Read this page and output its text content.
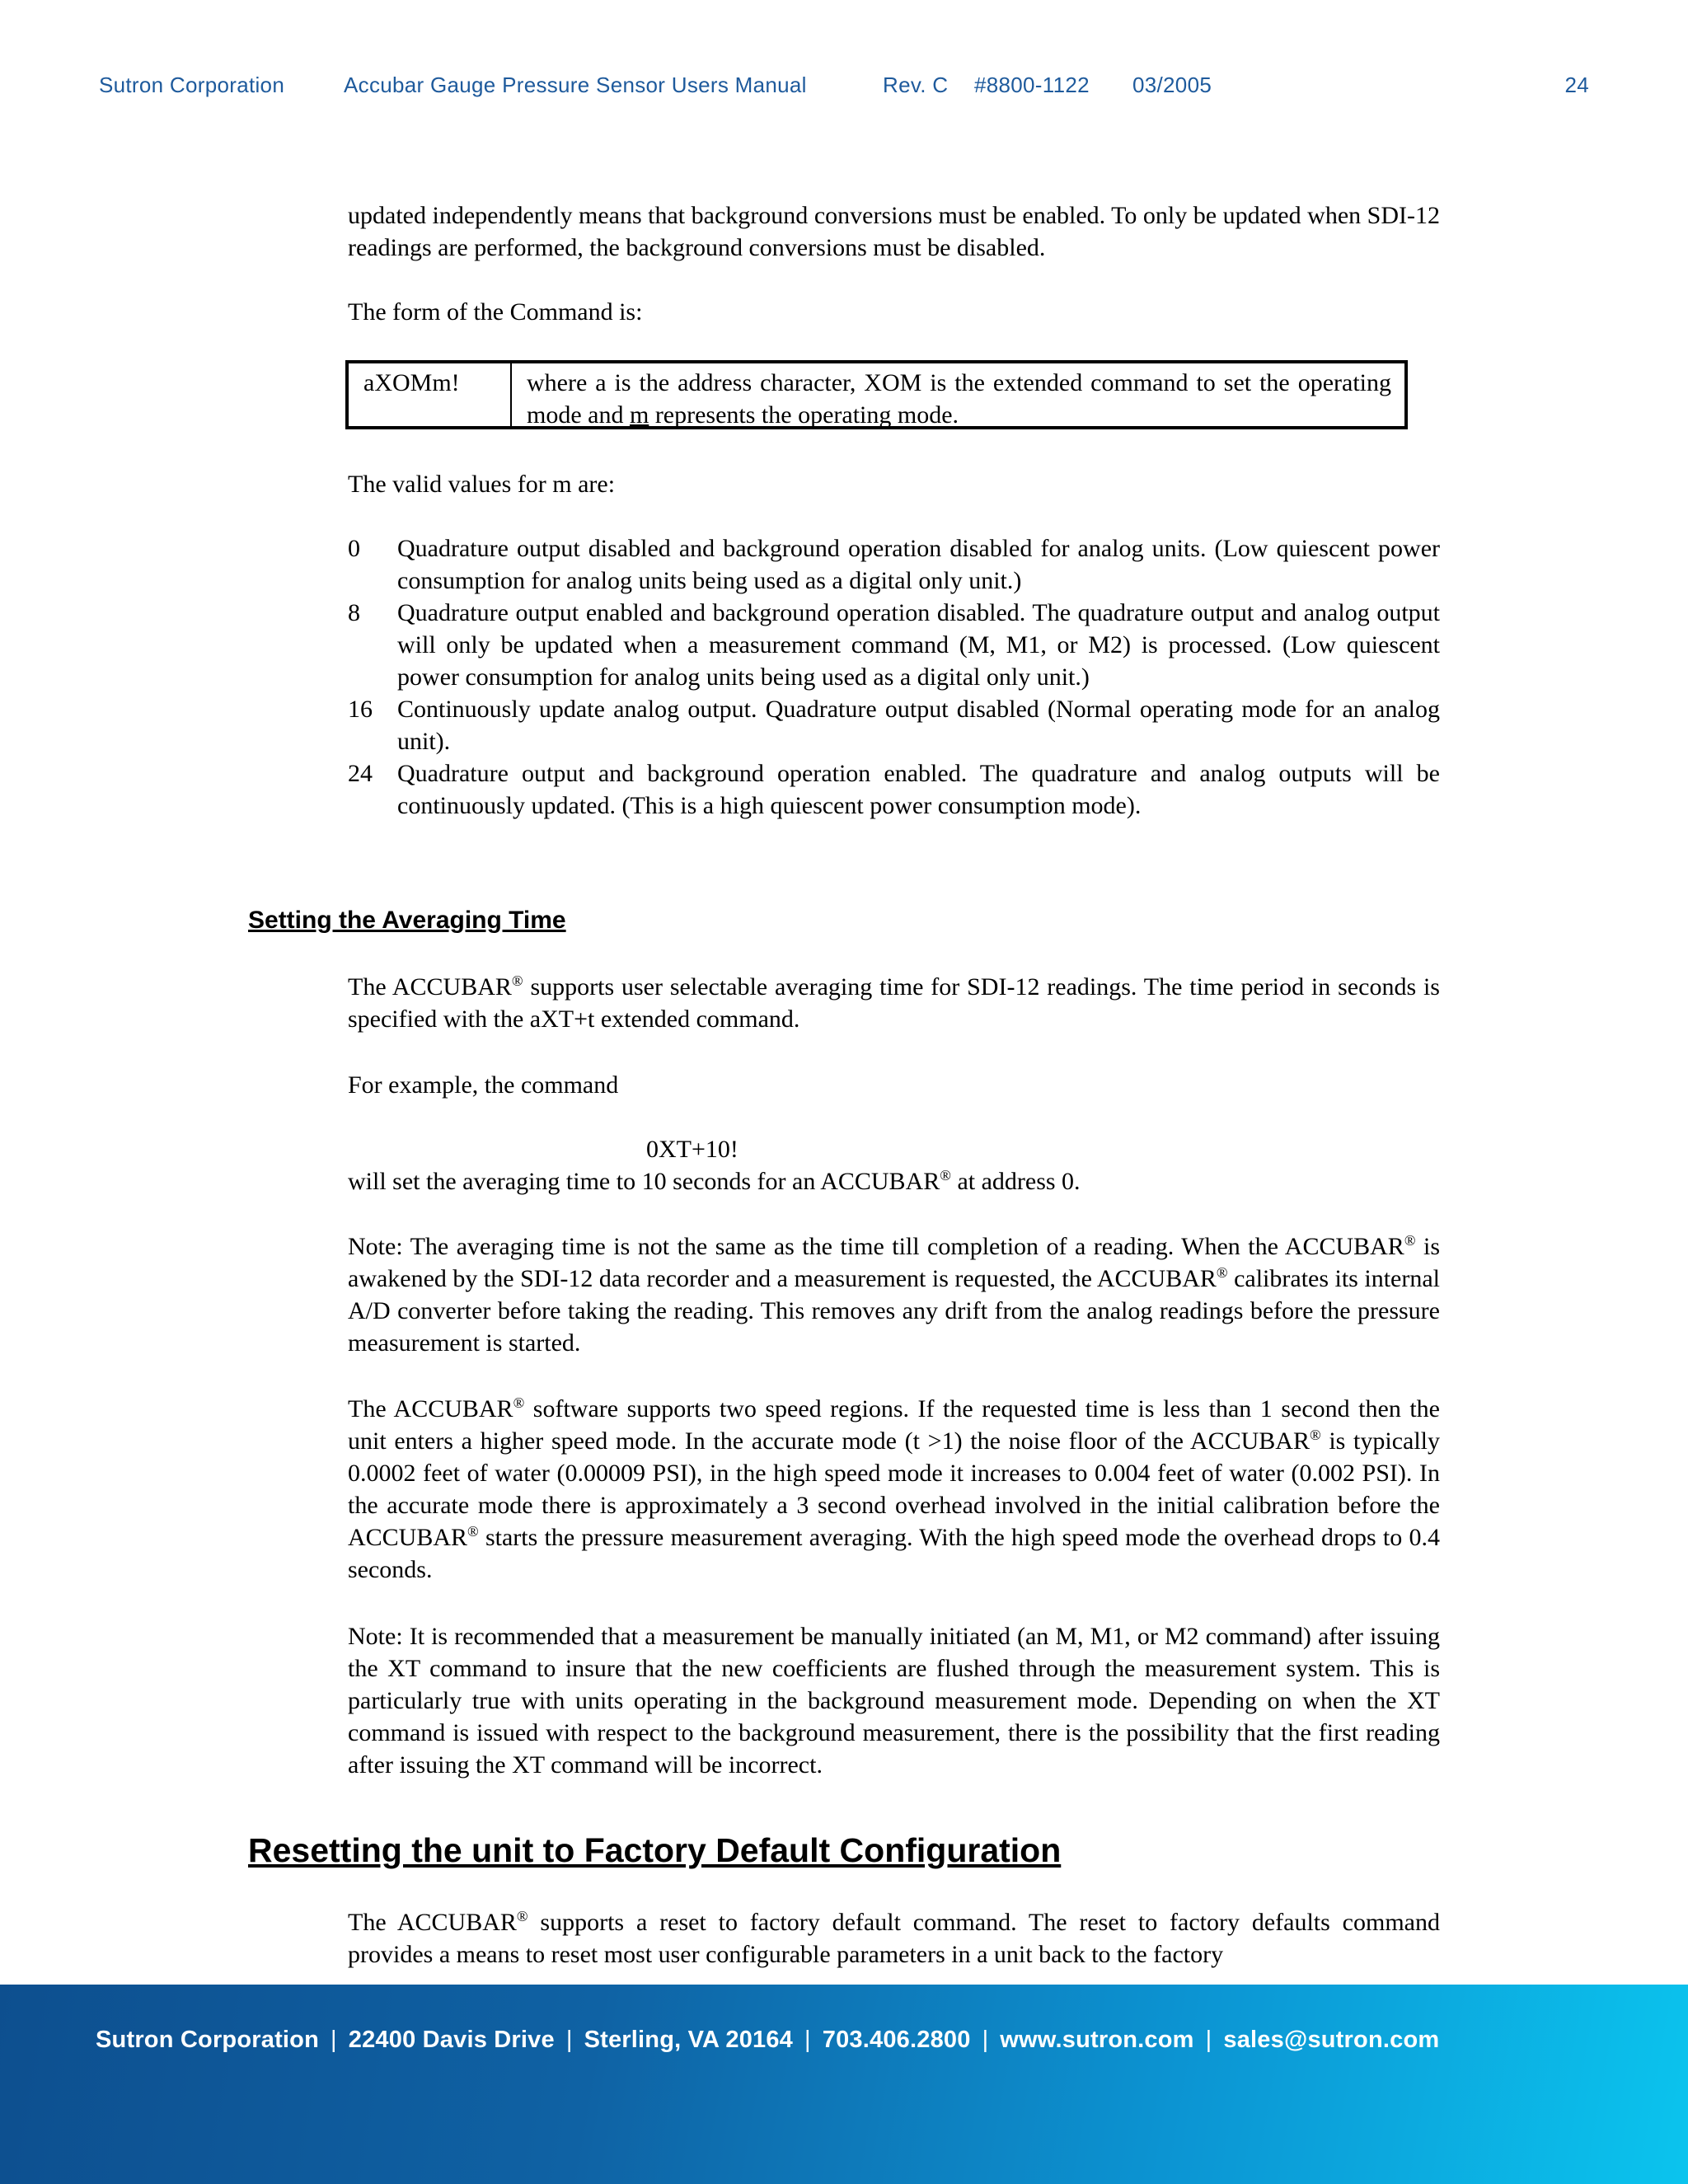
Sutron Corporation	Accubar Gauge Pressure Sensor Users Manual	Rev. C #8800-1122 03/2005	24

updated independently means that background conversions must be enabled. To only be updated when SDI-12 readings are performed, the background conversions must be disabled.

The form of the Command is:

aXOMm!	where a is the address character, XOM is the extended command to set the operating mode and m represents the operating mode.

The valid values for m are:

0	Quadrature output disabled and background operation disabled for analog units. (Low quiescent power consumption for analog units being used as a digital only unit.)
8	Quadrature output enabled and background operation disabled. The quadrature output and analog output will only be updated when a measurement command (M, M1, or M2) is processed. (Low quiescent power consumption for analog units being used as a digital only unit.)
16	Continuously update analog output. Quadrature output disabled (Normal operating mode for an analog unit).
24	Quadrature output and background operation enabled. The quadrature and analog outputs will be continuously updated. (This is a high quiescent power consumption mode).
Setting the Averaging Time

The ACCUBAR® supports user selectable averaging time for SDI-12 readings. The time period in seconds is specified with the aXT+t extended command.

For example, the command

0XT+10!

will set the averaging time to 10 seconds for an ACCUBAR® at address 0.

Note: The averaging time is not the same as the time till completion of a reading. When the ACCUBAR® is awakened by the SDI-12 data recorder and a measurement is requested, the ACCUBAR® calibrates its internal A/D converter before taking the reading. This removes any drift from the analog readings before the pressure measurement is started.

The ACCUBAR® software supports two speed regions. If the requested time is less than 1 second then the unit enters a higher speed mode. In the accurate mode (t >1) the noise floor of the ACCUBAR® is typically 0.0002 feet of water (0.00009 PSI), in the high speed mode it increases to 0.004 feet of water (0.002 PSI). In the accurate mode there is approximately a 3 second overhead involved in the initial calibration before the ACCUBAR® starts the pressure measurement averaging. With the high speed mode the overhead drops to 0.4 seconds.

Note: It is recommended that a measurement be manually initiated (an M, M1, or M2 command) after issuing the XT command to insure that the new coefficients are flushed through the measurement system. This is particularly true with units operating in the background measurement mode. Depending on when the XT command is issued with respect to the background measurement, there is the possibility that the first reading after issuing the XT command will be incorrect.

Resetting the unit to Factory Default Configuration

The ACCUBAR® supports a reset to factory default command. The reset to factory defaults command provides a means to reset most user configurable parameters in a unit back to the factory

Sutron Corporation | 22400 Davis Drive | Sterling, VA 20164 | 703.406.2800 | www.sutron.com | sales@sutron.com
